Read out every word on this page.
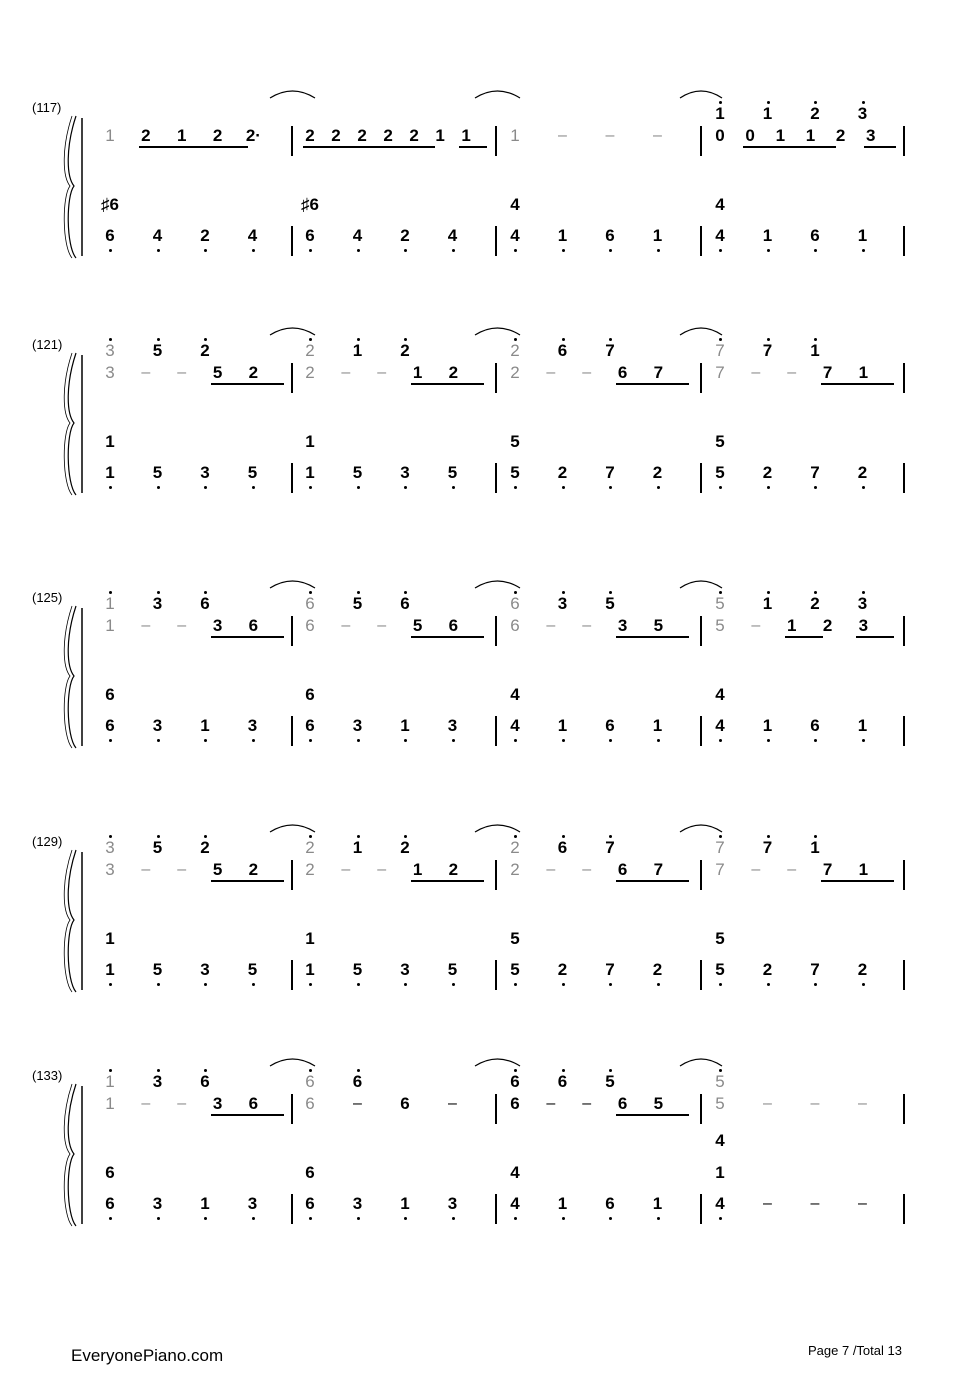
(117)
1	2	1	2	2·	2 2 2 2 2 1 1	1	–	–	–	0	0	1	1	2	3
1	1	2	3
6	4	2	4	6	4	2	4	4	1	6	1	4	1	6	1
♯6	♯6	4	4
(121)
3	–	–	5	2	2	–	–	1	2	2	–	–	6	7	7	–	–	7	1
3	5	2	2	1	2	2	6	7	7	7	1
1	5	3	5	1	5	3	5	5	2	7	2	5	2	7	2
1	1	5	5
(125)
1	–	–	3	6	6	–	–	5	6	6	–	–	3	5	5	–	1	2	3
1	3	6	6	5	6	6	3	5	5	1	2	3
6	3	1	3	6	3	1	3	4	1	6	1	4	1	6	1
6	6	4	4
(129)
3	–	–	5	2	2	–	–	1	2	2	–	–	6	7	7	–	–	7	1
3	5	2	2	1	2	2	6	7	7	7	1
1	5	3	5	1	5	3	5	5	2	7	2	5	2	7	2
1	1	5	5
(133)
1	–	–	3	6	6	–	6	–	6	–	–	6	5	5	–	–	–
1	3	6	6	6	6	6	5	5
6	3	1	3	6	3	1	3	4	1	6	1	4	–	–	–
6	6	4	1
4
EveryonePiano.com	Page 7 /Total 13
